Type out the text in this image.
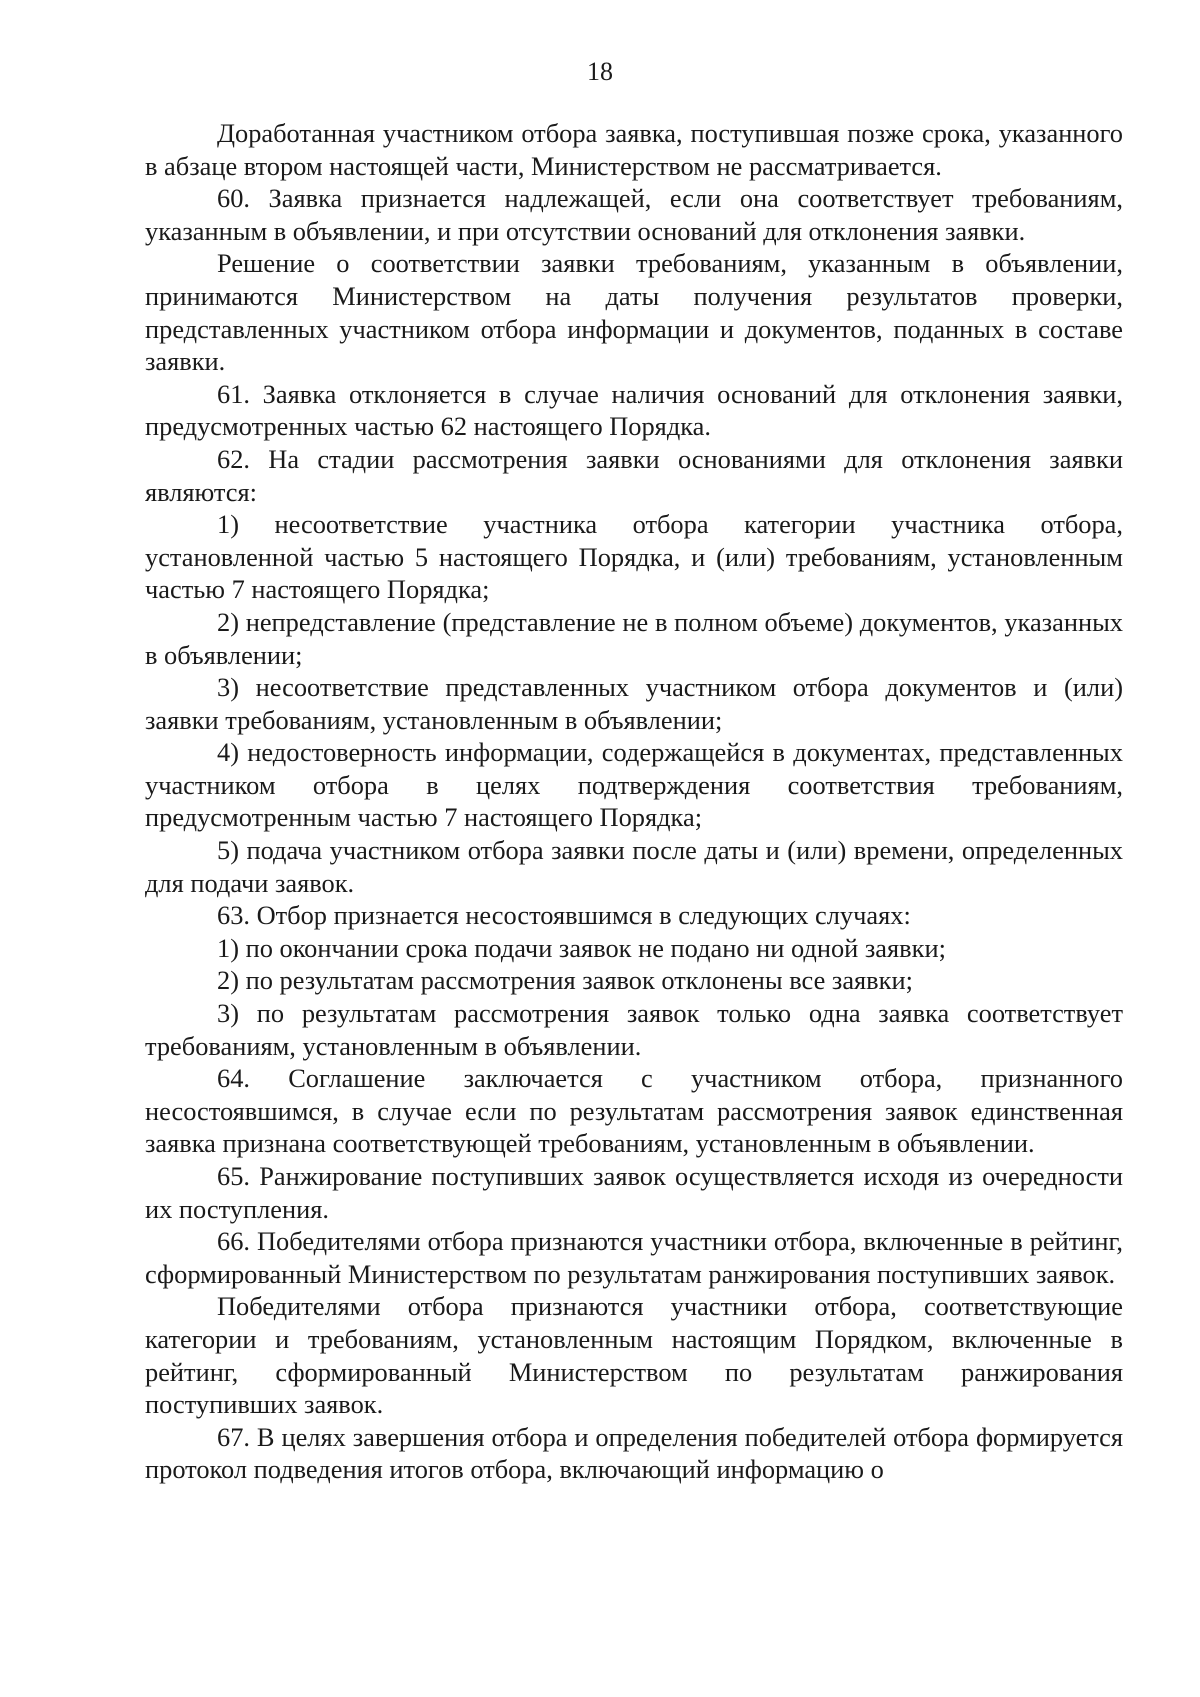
18

Доработанная участником отбора заявка, поступившая позже срока, указанного в абзаце втором настоящей части, Министерством не рассматривается.

60. Заявка признается надлежащей, если она соответствует требованиям, указанным в объявлении, и при отсутствии оснований для отклонения заявки.

Решение о соответствии заявки требованиям, указанным в объявлении, принимаются Министерством на даты получения результатов проверки, представленных участником отбора информации и документов, поданных в составе заявки.

61. Заявка отклоняется в случае наличия оснований для отклонения заявки, предусмотренных частью 62 настоящего Порядка.

62. На стадии рассмотрения заявки основаниями для отклонения заявки являются:

1) несоответствие участника отбора категории участника отбора, установленной частью 5 настоящего Порядка, и (или) требованиям, установленным частью 7 настоящего Порядка;

2) непредставление (представление не в полном объеме) документов, указанных в объявлении;

3) несоответствие представленных участником отбора документов и (или) заявки требованиям, установленным в объявлении;

4) недостоверность информации, содержащейся в документах, представленных участником отбора в целях подтверждения соответствия требованиям, предусмотренным частью 7 настоящего Порядка;

5) подача участником отбора заявки после даты и (или) времени, определенных для подачи заявок.

63. Отбор признается несостоявшимся в следующих случаях:

1) по окончании срока подачи заявок не подано ни одной заявки;

2) по результатам рассмотрения заявок отклонены все заявки;

3) по результатам рассмотрения заявок только одна заявка соответствует требованиям, установленным в объявлении.

64. Соглашение заключается с участником отбора, признанного несостоявшимся, в случае если по результатам рассмотрения заявок единственная заявка признана соответствующей требованиям, установленным в объявлении.

65. Ранжирование поступивших заявок осуществляется исходя из очередности их поступления.

66. Победителями отбора признаются участники отбора, включенные в рейтинг, сформированный Министерством по результатам ранжирования поступивших заявок.

Победителями отбора признаются участники отбора, соответствующие категории и требованиям, установленным настоящим Порядком, включенные в рейтинг, сформированный Министерством по результатам ранжирования поступивших заявок.

67. В целях завершения отбора и определения победителей отбора формируется протокол подведения итогов отбора, включающий информацию о
